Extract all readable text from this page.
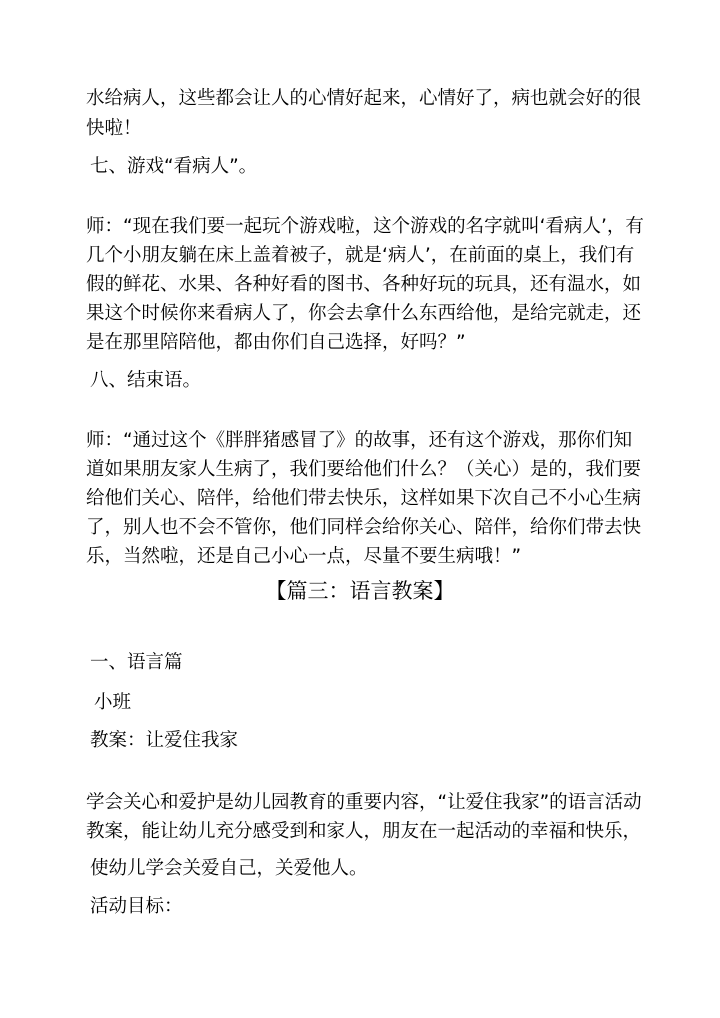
水给病人，这些都会让人的心情好起来，心情好了，病也就会好的很
快啦！
七、游戏“看病人”。
师：“现在我们要一起玩个游戏啦，这个游戏的名字就叫‘看病人’，有
几个小朋友躺在床上盖着被子，就是‘病人’，在前面的桌上，我们有
假的鲜花、水果、各种好看的图书、各种好玩的玩具，还有温水，如
果这个时候你来看病人了，你会去拿什么东西给他，是给完就走，还
是在那里陪陪他，都由你们自己选择，好吗？”
八、结束语。
师：“通过这个《胖胖猪感冒了》的故事，还有这个游戏，那你们知
道如果朋友家人生病了，我们要给他们什么？（关心）是的，我们要
给他们关心、陪伴，给他们带去快乐，这样如果下次自己不小心生病
了，别人也不会不管你，他们同样会给你关心、陪伴，给你们带去快
乐，当然啦，还是自己小心一点，尽量不要生病哦！”
【篇三：语言教案】
一、语言篇
小班
教案：让爱住我家
学会关心和爱护是幼儿园教育的重要内容，“让爱住我家”的语言活动
教案，能让幼儿充分感受到和家人，朋友在一起活动的幸福和快乐，
使幼儿学会关爱自己，关爱他人。
活动目标：
